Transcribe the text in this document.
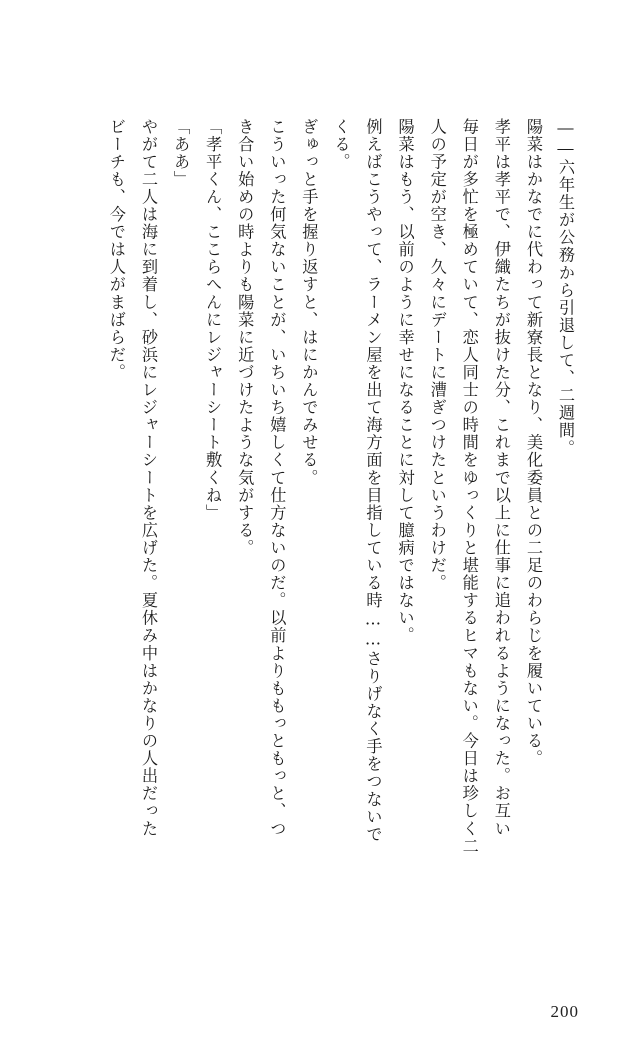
――六年生が公務から引退して、二週間。

陽菜はかなでに代わって新寮長となり、美化委員との二足のわらじを履いている。

孝平は孝平で、伊織たちが抜けた分、これまで以上に仕事に追われるようになった。お互い

毎日が多忙を極めていて、恋人同士の時間をゆっくりと堪能するヒマもない。今日は珍しく二

人の予定が空き、久々にデートに漕ぎつけたというわけだ。

陽菜はもう、以前のように幸せになることに対して臆病ではない。

例えばこうやって、ラーメン屋を出て海方面を目指している時……さりげなく手をつないで

くる。

ぎゅっと手を握り返すと、はにかんでみせる。

こういった何気ないことが、いちいち嬉しくて仕方ないのだ。以前よりももっともっと、つ

き合い始めの時よりも陽菜に近づけたような気がする。

「孝平くん、ここらへんにレジャーシート敷くね」

「ああ」

やがて二人は海に到着し、砂浜にレジャーシートを広げた。夏休み中はかなりの人出だった

ビーチも、今では人がまばらだ。

200
